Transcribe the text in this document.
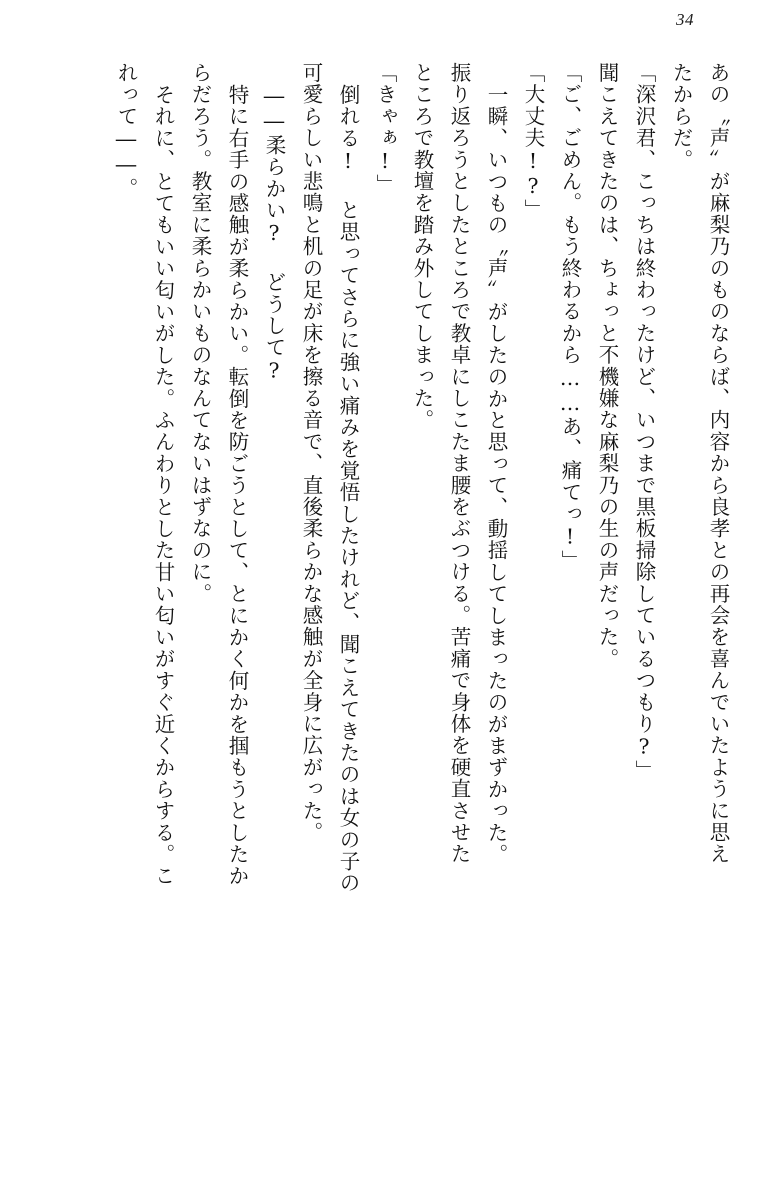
34
あの〝声〟が麻梨乃のものならば、内容から良孝との再会を喜んでいたように思え
たからだ。
「深沢君、こっちは終わったけど、いつまで黒板掃除しているつもり?」
聞こえてきたのは、ちょっと不機嫌な麻梨乃の生の声だった。
「ご、ごめん。もう終わるから……あ、痛てっ!」
「大丈夫!?」
一瞬、いつもの〝声〟がしたのかと思って、動揺してしまったのがまずかった。
振り返ろうとしたところで教卓にしこたま腰をぶつける。苦痛で身体を硬直させた
ところで教壇を踏み外してしまった。
「きゃぁ!」
倒れる! と思ってさらに強い痛みを覚悟したけれど、聞こえてきたのは女の子の
可愛らしい悲鳴と机の足が床を擦る音で、直後柔らかな感触が全身に広がった。
――柔らかい? どうして?
特に右手の感触が柔らかい。転倒を防ごうとして、とにかく何かを掴もうとしたか
らだろう。教室に柔らかいものなんてないはずなのに。
それに、とてもいい匂いがした。ふんわりとした甘い匂いがすぐ近くからする。こ
れって――。
